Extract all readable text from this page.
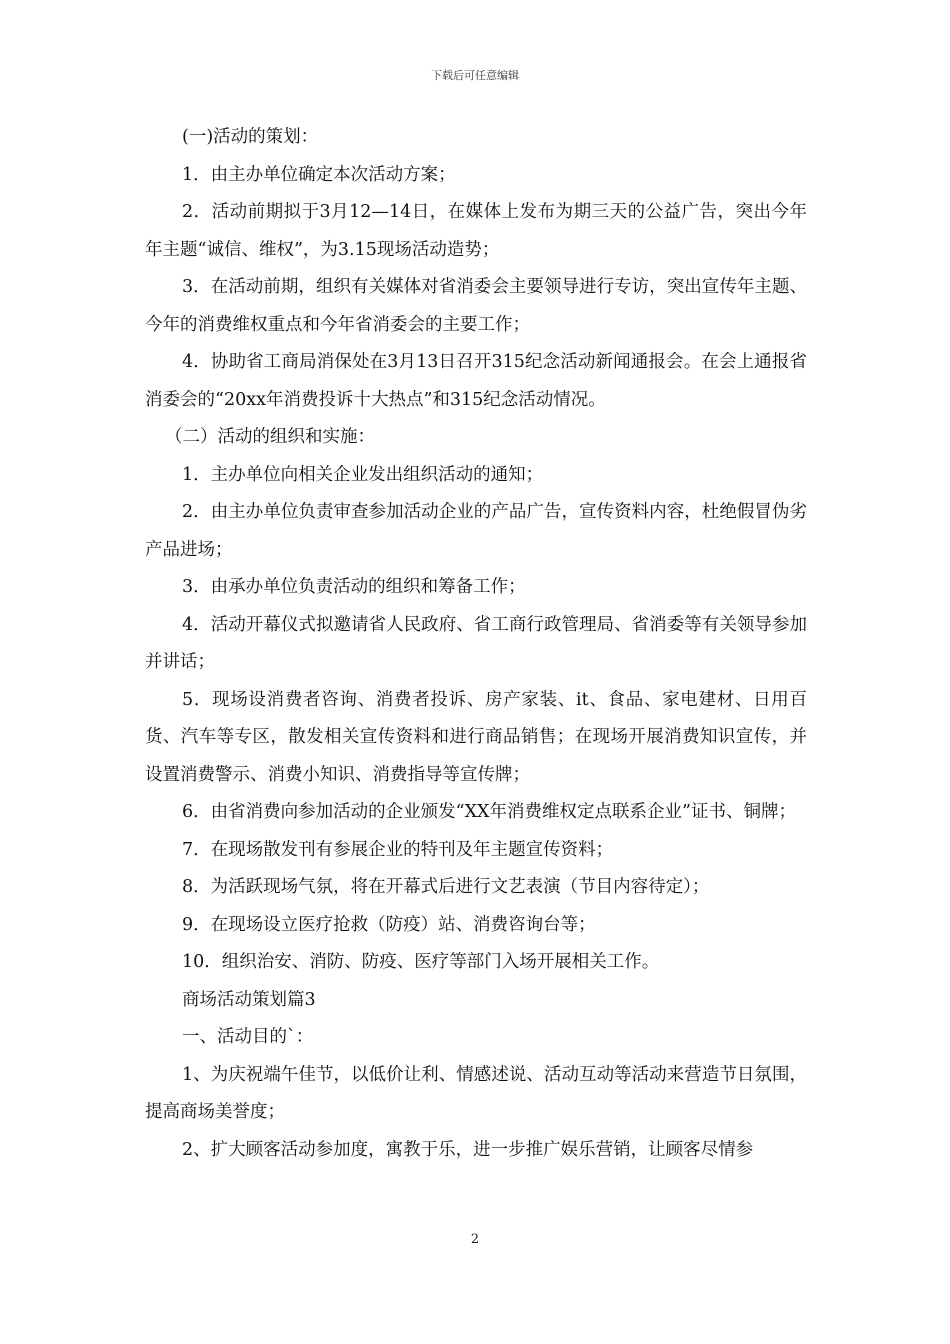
下载后可任意编辑

(一)活动的策划：

1．由主办单位确定本次活动方案；

2．活动前期拟于3月12—14日，在媒体上发布为期三天的公益广告，突出今年年主题“诚信、维权”，为3.15现场活动造势；

3．在活动前期，组织有关媒体对省消委会主要领导进行专访，突出宣传年主题、今年的消费维权重点和今年省消委会的主要工作；

4．协助省工商局消保处在3月13日召开315纪念活动新闻通报会。在会上通报省消委会的“20xx年消费投诉十大热点”和315纪念活动情况。

（二）活动的组织和实施：

1．主办单位向相关企业发出组织活动的通知；

2．由主办单位负责审查参加活动企业的产品广告，宣传资料内容，杜绝假冒伪劣产品进场；

3．由承办单位负责活动的组织和筹备工作；

4．活动开幕仪式拟邀请省人民政府、省工商行政管理局、省消委等有关领导参加并讲话；

5．现场设消费者咨询、消费者投诉、房产家装、it、食品、家电建材、日用百货、汽车等专区，散发相关宣传资料和进行商品销售；在现场开展消费知识宣传，并设置消费警示、消费小知识、消费指导等宣传牌；

6．由省消费向参加活动的企业颁发“XX年消费维权定点联系企业”证书、铜牌；

7．在现场散发刊有参展企业的特刊及年主题宣传资料；

8．为活跃现场气氛，将在开幕式后进行文艺表演（节目内容待定）；

9．在现场设立医疗抢救（防疫）站、消费咨询台等；

10．组织治安、消防、防疫、医疗等部门入场开展相关工作。

商场活动策划篇3

一、活动目的`：

1、为庆祝端午佳节，以低价让利、情感述说、活动互动等活动来营造节日氛围，提高商场美誉度；

2、扩大顾客活动参加度，寓教于乐，进一步推广娱乐营销，让顾客尽情参

2
